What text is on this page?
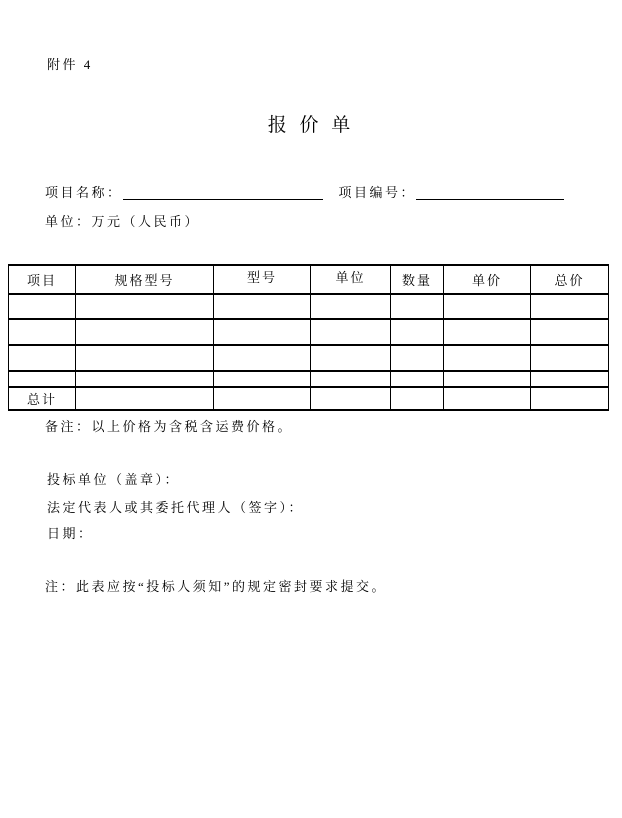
附件 4
报 价 单
项目名称：	项目编号：
单位：万元（人民币）
项目	规格型号	型号	单位	数量	单价	总价

总计						
备注：以上价格为含税含运费价格。
投标单位（盖章）：
法定代表人或其委托代理人（签字）：
日期：
注：此表应按“投标人须知”的规定密封要求提交。
